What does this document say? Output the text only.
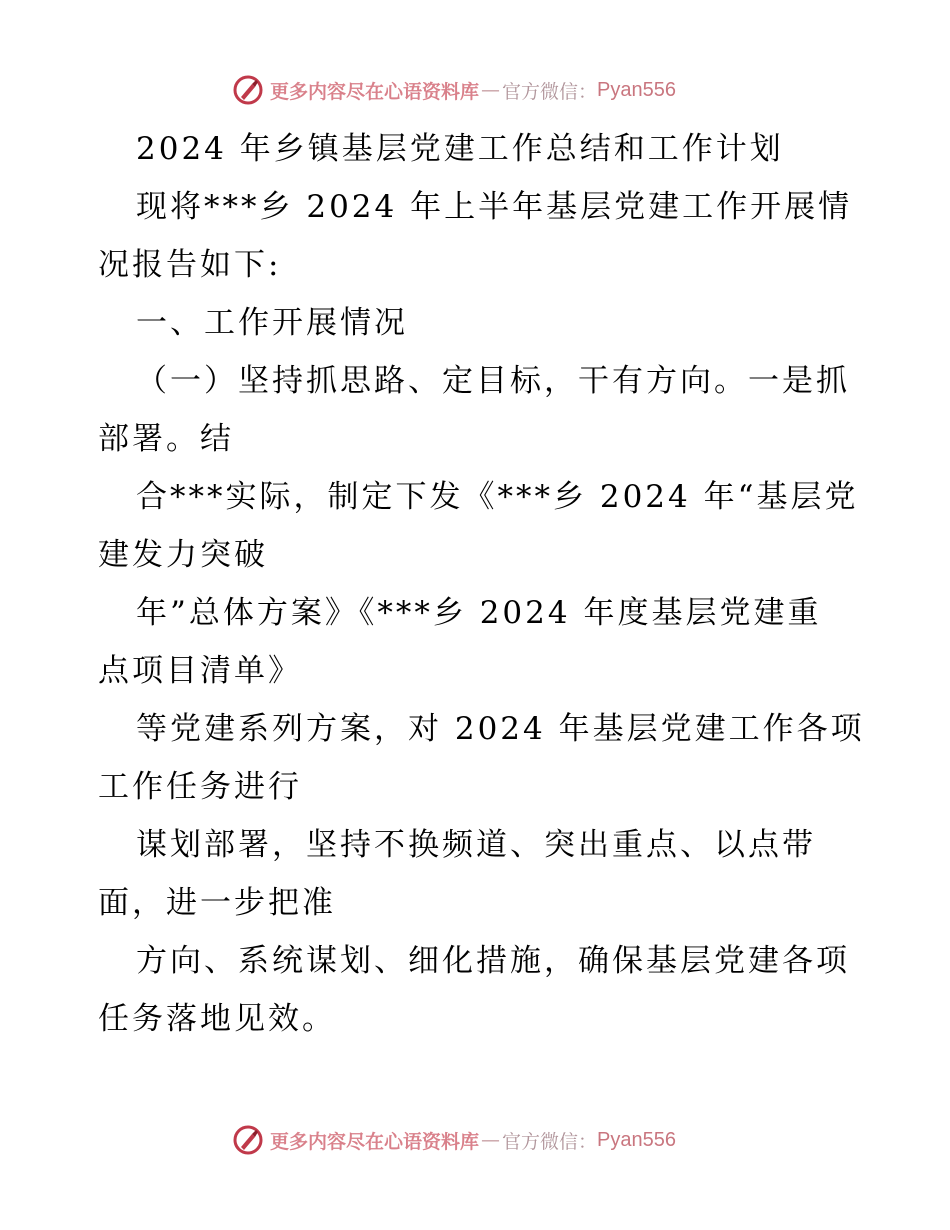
更多内容尽在心语资料库 — 官方微信： Pyan556
2024 年乡镇基层党建工作总结和工作计划
现将***乡 2024 年上半年基层党建工作开展情
况报告如下:
一、工作开展情况
（一）坚持抓思路、定目标，干有方向。一是抓
部署。结
合***实际，制定下发《***乡 2024 年“基层党
建发力突破
年”总体方案》《***乡 2024 年度基层党建重
点项目清单》
等党建系列方案，对 2024 年基层党建工作各项
工作任务进行
谋划部署，坚持不换频道、突出重点、以点带
面，进一步把准
方向、系统谋划、细化措施，确保基层党建各项
任务落地见效。
更多内容尽在心语资料库 — 官方微信： Pyan556
